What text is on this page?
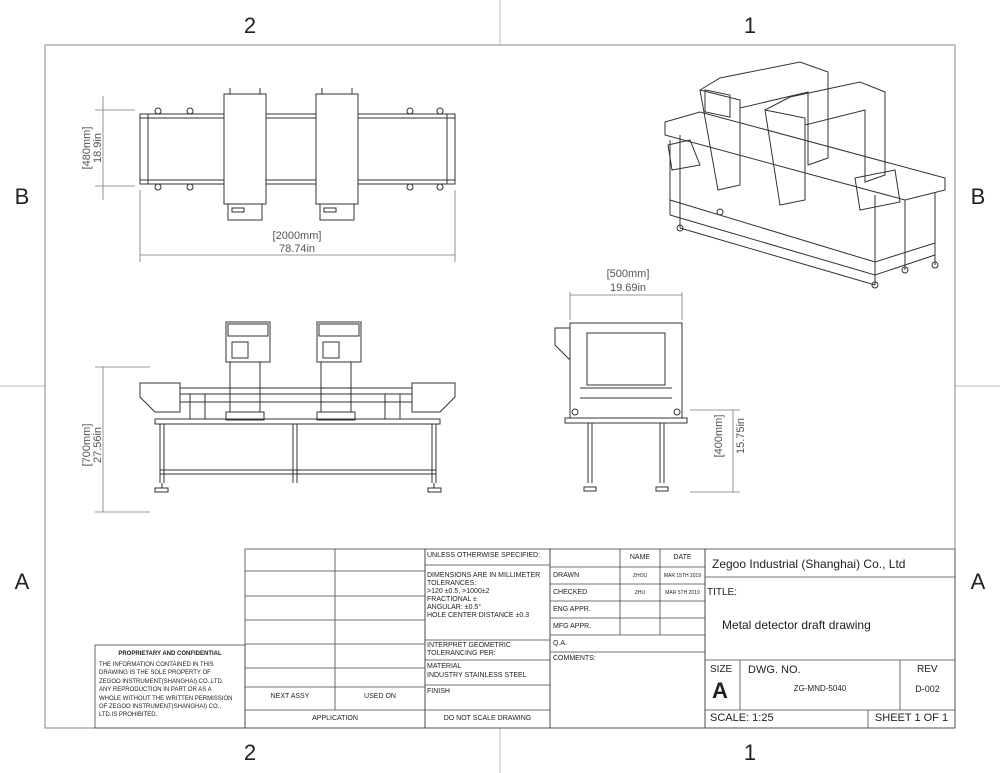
2	1
2	1
B
A
B
A
[2000mm]
78.74in
[480mm] 18.9in
[700mm] 27.56in
[500mm]
19.69in
[400mm] 15.75in
PROPRIETARY AND CONFIDENTIAL
THE INFORMATION CONTAINED IN THIS
DRAWING IS THE SOLE PROPERTY OF
ZEGOO INSTRUMENT(SHANGHAI) CO.,LTD.
ANY REPRODUCTION IN PART OR AS A
WHOLE WITHOUT THE WRITTEN PERMISSION
OF ZEGOO INSTRUMENT(SHANGHAI) CO.,
LTD.IS PROHIBITED.
NEXT ASSY	USED ON
APPLICATION
UNLESS OTHERWISE SPECIFIED:
DIMENSIONS ARE IN MILLIMETER
TOLERANCES:
>120 ±0.5, >1000±2
FRACTIONAL ±
ANGULAR: ±0.5°
HOLE CENTER DISTANCE ±0.3
INTERPRET GEOMETRIC
TOLERANCING PER:
MATERIAL
INDUSTRY STAINLESS STEEL
FINISH
DO NOT SCALE DRAWING
NAME	DATE
DRAWN	ZHOU	MAR 15TH 2019
CHECKED	ZHU	MAR 5TH 2019
ENG APPR.
MFG APPR.
Q.A.
COMMENTS:
Zegoo Industrial (Shanghai) Co., Ltd
TITLE:
Metal detector draft drawing
SIZE
A
DWG. NO.
ZG-MND-5040
REV
D-002
SCALE: 1:25	SHEET 1 OF 1
